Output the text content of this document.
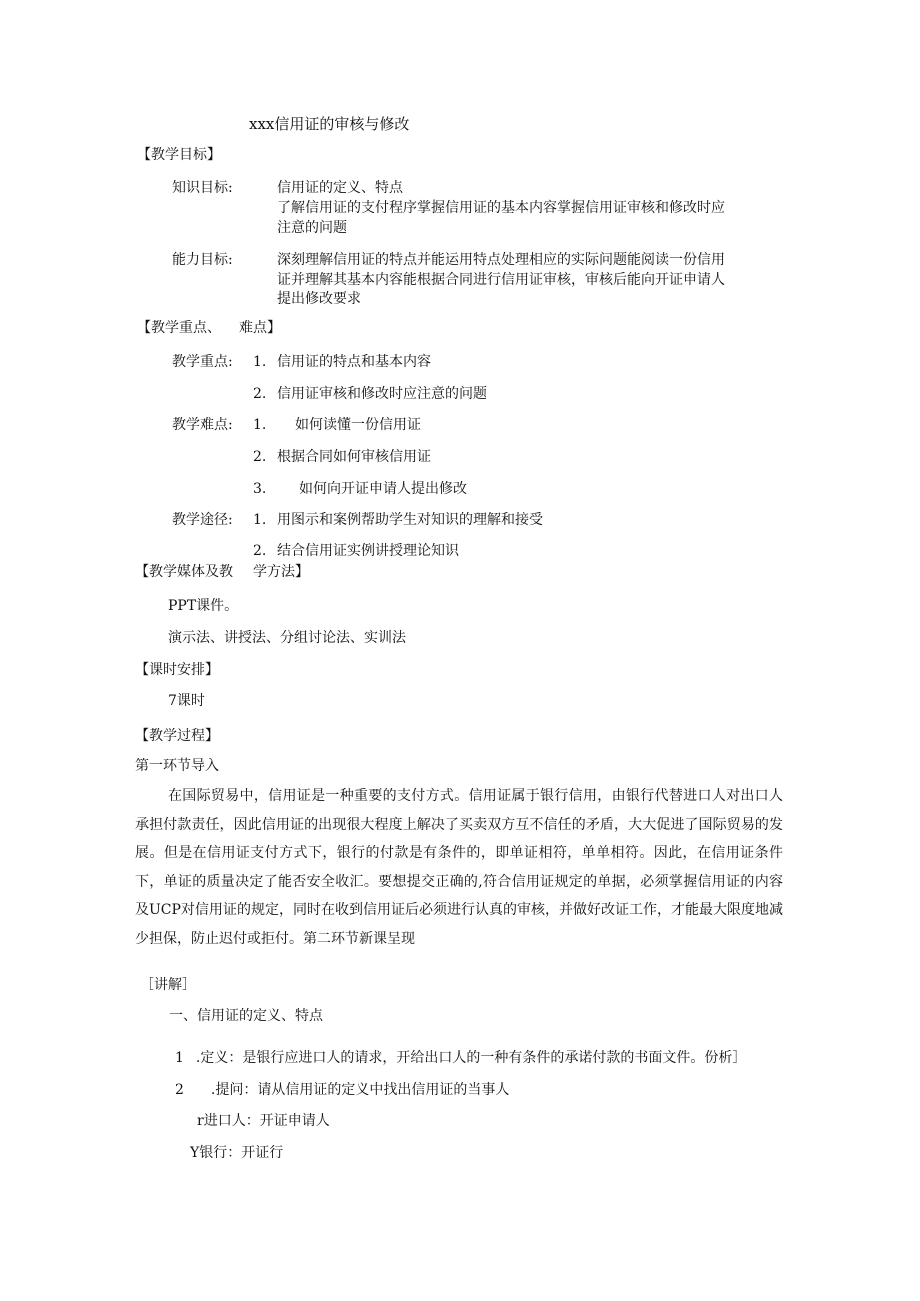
xxx信用证的审核与修改
【教学目标】
知识目标:	信用证的定义、特点
了解信用证的支付程序掌握信用证的基本内容掌握信用证审核和修改时应
注意的问题
能力目标:	深刻理解信用证的特点并能运用特点处理相应的实际问题能阅读一份信用
证并理解其基本内容能根据合同进行信用证审核，审核后能向开证申请人
提出修改要求
【教学重点、 难点】
教学重点: 1. 信用证的特点和基本内容
2. 信用证审核和修改时应注意的问题
教学难点: 1. 如何读懂一份信用证
2. 根据合同如何审核信用证
3. 如何向开证申请人提出修改
教学途径: 1. 用图示和案例帮助学生对知识的理解和接受
2. 结合信用证实例讲授理论知识
【教学媒体及教 学方法】
PPT课件。
演示法、讲授法、分组讨论法、实训法
【课时安排】
7课时
【教学过程】
第一环节导入

在国际贸易中，信用证是一种重要的支付方式。信用证属于银行信用，由银行代替进口人对出口人承担付款责任，因此信用证的出现很大程度上解决了买卖双方互不信任的矛盾，大大促进了国际贸易的发展。但是在信用证支付方式下，银行的付款是有条件的，即单证相符，单单相符。因此，在信用证条件下，单证的质量决定了能否安全收汇。要想提交正确的,符合信用证规定的单据，必须掌握信用证的内容及UCP对信用证的规定，同时在收到信用证后必须进行认真的审核，并做好改证工作，才能最大限度地减少担保，防止迟付或拒付。第二环节新课呈现

［讲解］
一、信用证的定义、特点
1 .定义：是银行应进口人的请求，开给出口人的一种有条件的承诺付款的书面文件。份析］
2 .提问：请从信用证的定义中找出信用证的当事人
r进口人：开证申请人
Y银行：开证行
